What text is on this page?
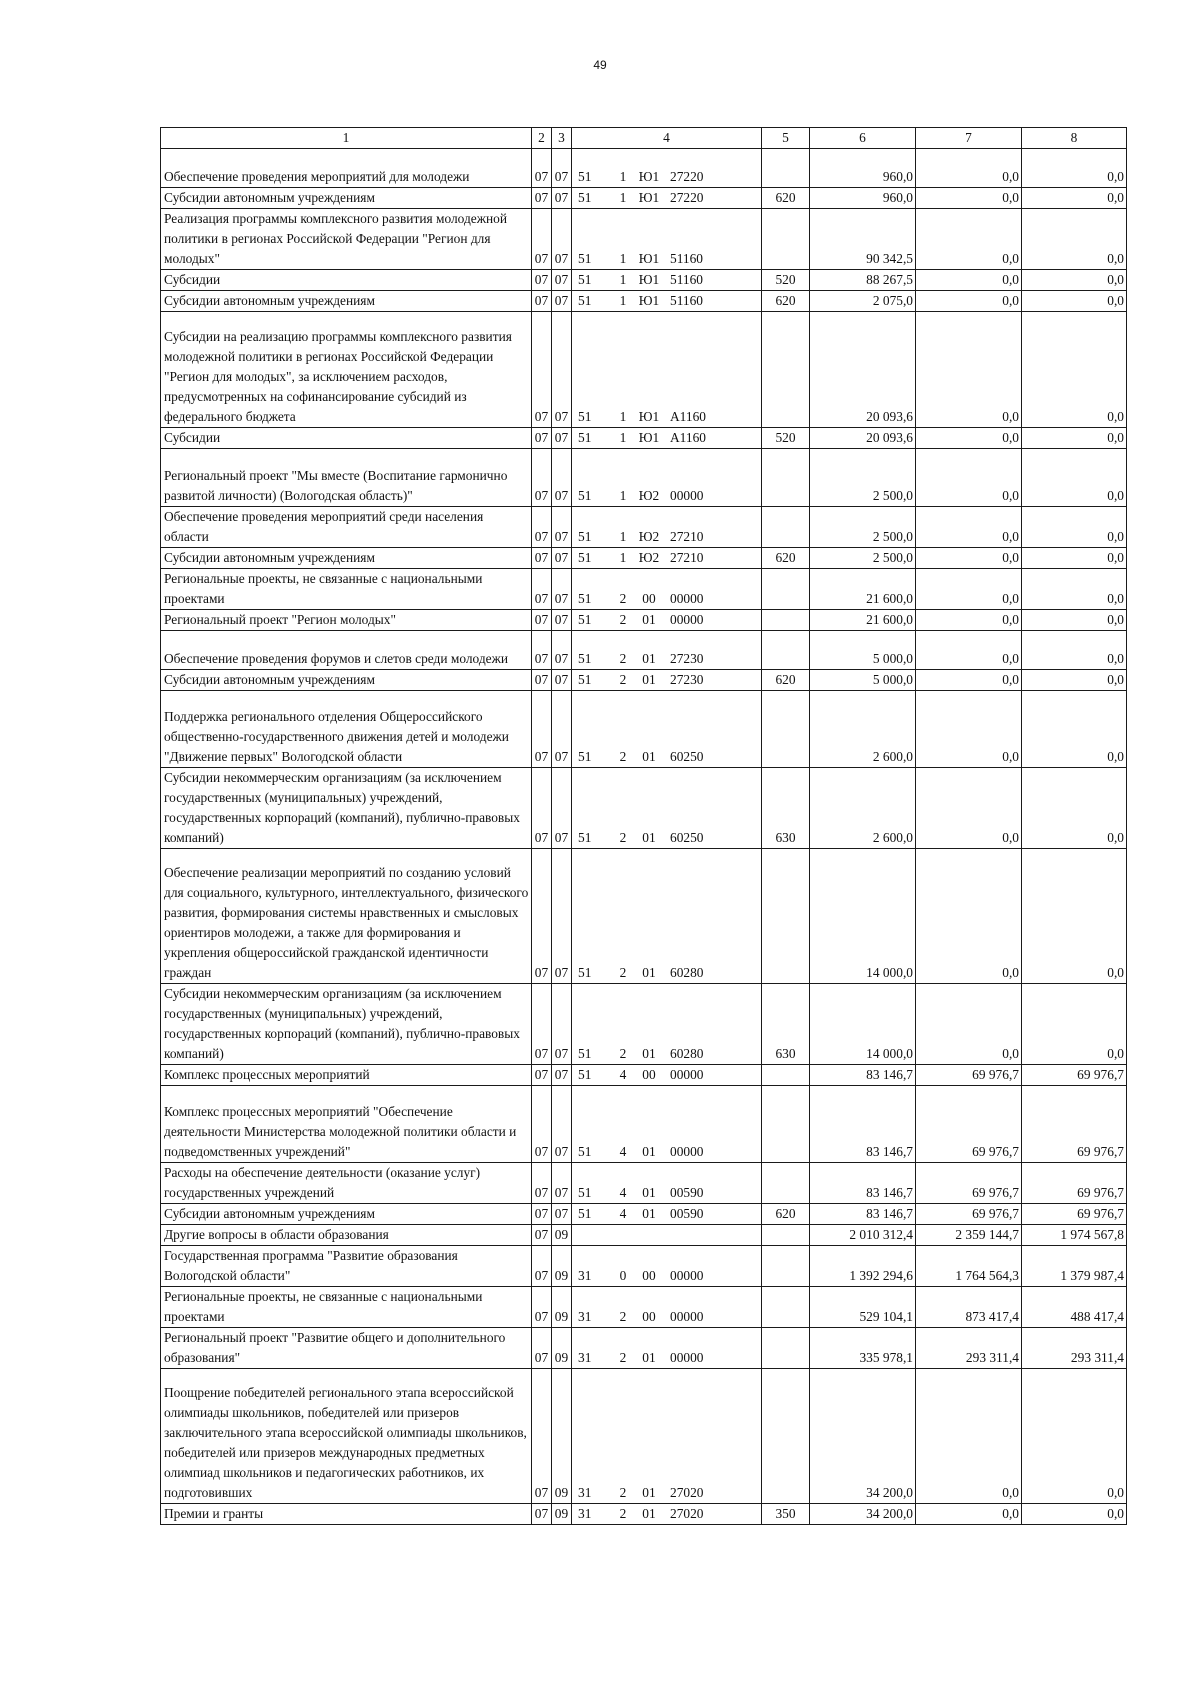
49
1	2	3	4	5	6	7	8
Обеспечение проведения мероприятий для молодежи	07	07	51 1 Ю1 27220		960,0	0,0	0,0
Субсидии автономным учреждениям	07	07	51 1 Ю1 27220	620	960,0	0,0	0,0
Реализация программы комплексного развития молодежной политики в регионах Российской Федерации "Регион для молодых"	07	07	51 1 Ю1 51160		90 342,5	0,0	0,0
Субсидии	07	07	51 1 Ю1 51160	520	88 267,5	0,0	0,0
Субсидии автономным учреждениям	07	07	51 1 Ю1 51160	620	2 075,0	0,0	0,0
Субсидии на реализацию программы комплексного развития молодежной политики в регионах Российской Федерации "Регион для молодых", за исключением расходов, предусмотренных на софинансирование субсидий из федерального бюджета	07	07	51 1 Ю1 А1160		20 093,6	0,0	0,0
Субсидии	07	07	51 1 Ю1 А1160	520	20 093,6	0,0	0,0
Региональный проект "Мы вместе (Воспитание гармонично развитой личности) (Вологодская область)"	07	07	51 1 Ю2 00000		2 500,0	0,0	0,0
Обеспечение проведения мероприятий среди населения области	07	07	51 1 Ю2 27210		2 500,0	0,0	0,0
Субсидии автономным учреждениям	07	07	51 1 Ю2 27210	620	2 500,0	0,0	0,0
Региональные проекты, не связанные с национальными проектами	07	07	51 2 00 00000		21 600,0	0,0	0,0
Региональный проект "Регион молодых"	07	07	51 2 01 00000		21 600,0	0,0	0,0
Обеспечение проведения форумов и слетов среди молодежи	07	07	51 2 01 27230		5 000,0	0,0	0,0
Субсидии автономным учреждениям	07	07	51 2 01 27230	620	5 000,0	0,0	0,0
Поддержка регионального отделения Общероссийского общественно-государственного движения детей и молодежи "Движение первых" Вологодской области	07	07	51 2 01 60250		2 600,0	0,0	0,0
Субсидии некоммерческим организациям (за исключением государственных (муниципальных) учреждений, государственных корпораций (компаний), публично-правовых компаний)	07	07	51 2 01 60250	630	2 600,0	0,0	0,0
Обеспечение реализации мероприятий по созданию условий для социального, культурного, интеллектуального, физического развития, формирования системы нравственных и смысловых ориентиров молодежи, а также для формирования и укрепления общероссийской гражданской идентичности граждан	07	07	51 2 01 60280		14 000,0	0,0	0,0
Субсидии некоммерческим организациям (за исключением государственных (муниципальных) учреждений, государственных корпораций (компаний), публично-правовых компаний)	07	07	51 2 01 60280	630	14 000,0	0,0	0,0
Комплекс процессных мероприятий	07	07	51 4 00 00000		83 146,7	69 976,7	69 976,7
Комплекс процессных мероприятий "Обеспечение деятельности Министерства молодежной политики области и подведомственных учреждений"	07	07	51 4 01 00000		83 146,7	69 976,7	69 976,7
Расходы на обеспечение деятельности (оказание услуг) государственных учреждений	07	07	51 4 01 00590		83 146,7	69 976,7	69 976,7
Субсидии автономным учреждениям	07	07	51 4 01 00590	620	83 146,7	69 976,7	69 976,7
Другие вопросы в области образования	07	09			2 010 312,4	2 359 144,7	1 974 567,8
Государственная программа "Развитие образования Вологодской области"	07	09	31 0 00 00000		1 392 294,6	1 764 564,3	1 379 987,4
Региональные проекты, не связанные с национальными проектами	07	09	31 2 00 00000		529 104,1	873 417,4	488 417,4
Региональный проект "Развитие общего и дополнительного образования"	07	09	31 2 01 00000		335 978,1	293 311,4	293 311,4
Поощрение победителей регионального этапа всероссийской олимпиады школьников, победителей или призеров заключительного этапа всероссийской олимпиады школьников, победителей или призеров международных предметных олимпиад школьников и педагогических работников, их подготовивших	07	09	31 2 01 27020		34 200,0	0,0	0,0
Премии и гранты	07	09	31 2 01 27020	350	34 200,0	0,0	0,0
